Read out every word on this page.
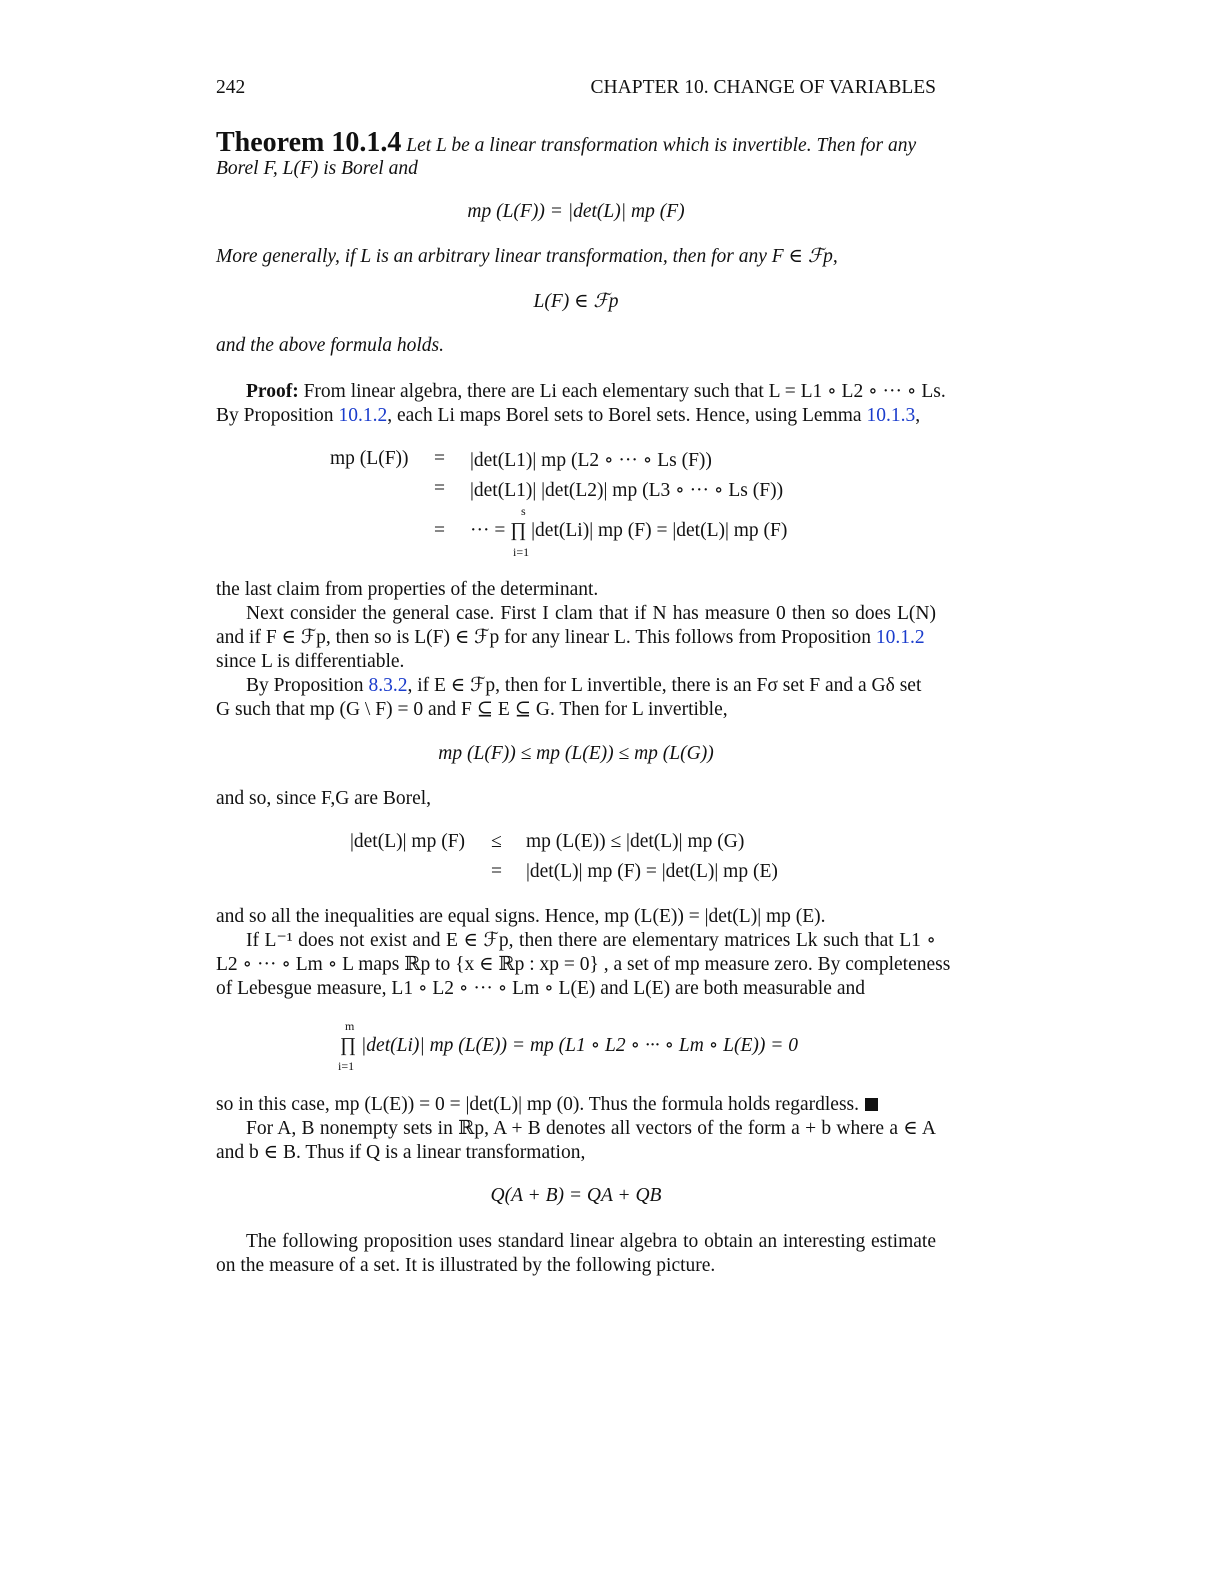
242	CHAPTER 10. CHANGE OF VARIABLES
Theorem 10.1.4 Let L be a linear transformation which is invertible. Then for any
Borel F, L(F) is Borel and
mp (L(F)) = |det(L)| mp (F)
More generally, if L is an arbitrary linear transformation, then for any F ∈ ℱp,
L(F) ∈ ℱp
and the above formula holds.
Proof: From linear algebra, there are Li each elementary such that L = L1 ∘ L2 ∘ ··· ∘ Ls.
By Proposition 10.1.2, each Li maps Borel sets to Borel sets. Hence, using Lemma 10.1.3,
mp (L(F)) = |det(L1)| mp (L2 ∘ ··· ∘ Ls (F))
= |det(L1)| |det(L2)| mp (L3 ∘ ··· ∘ Ls (F))
s
= ··· = ∏ |det(Li)| mp (F) = |det(L)| mp (F)
i=1
the last claim from properties of the determinant.
Next consider the general case. First I clam that if N has measure 0 then so does L(N)
and if F ∈ ℱp, then so is L(F) ∈ ℱp for any linear L. This follows from Proposition 10.1.2
since L is differentiable.
By Proposition 8.3.2, if E ∈ ℱp, then for L invertible, there is an Fσ set F and a Gδ set
G such that mp (G \ F) = 0 and F ⊆ E ⊆ G. Then for L invertible,
mp (L(F)) ≤ mp (L(E)) ≤ mp (L(G))
and so, since F,G are Borel,
|det(L)| mp (F) ≤ mp (L(E)) ≤ |det(L)| mp (G)
= |det(L)| mp (F) = |det(L)| mp (E)
and so all the inequalities are equal signs. Hence, mp (L(E)) = |det(L)| mp (E).
If L⁻¹ does not exist and E ∈ ℱp, then there are elementary matrices Lk such that L1 ∘
L2 ∘ ··· ∘ Lm ∘ L maps ℝp to {x ∈ ℝp : xp = 0} , a set of mp measure zero. By completeness
of Lebesgue measure, L1 ∘ L2 ∘ ··· ∘ Lm ∘ L(E) and L(E) are both measurable and
m
∏ |det(Li)| mp (L(E)) = mp (L1 ∘ L2 ∘ ··· ∘ Lm ∘ L(E)) = 0
i=1
so in this case, mp (L(E)) = 0 = |det(L)| mp (0). Thus the formula holds regardless.
For A, B nonempty sets in ℝp, A + B denotes all vectors of the form a + b where a ∈ A
and b ∈ B. Thus if Q is a linear transformation,
Q(A + B) = QA + QB
The following proposition uses standard linear algebra to obtain an interesting estimate
on the measure of a set. It is illustrated by the following picture.
